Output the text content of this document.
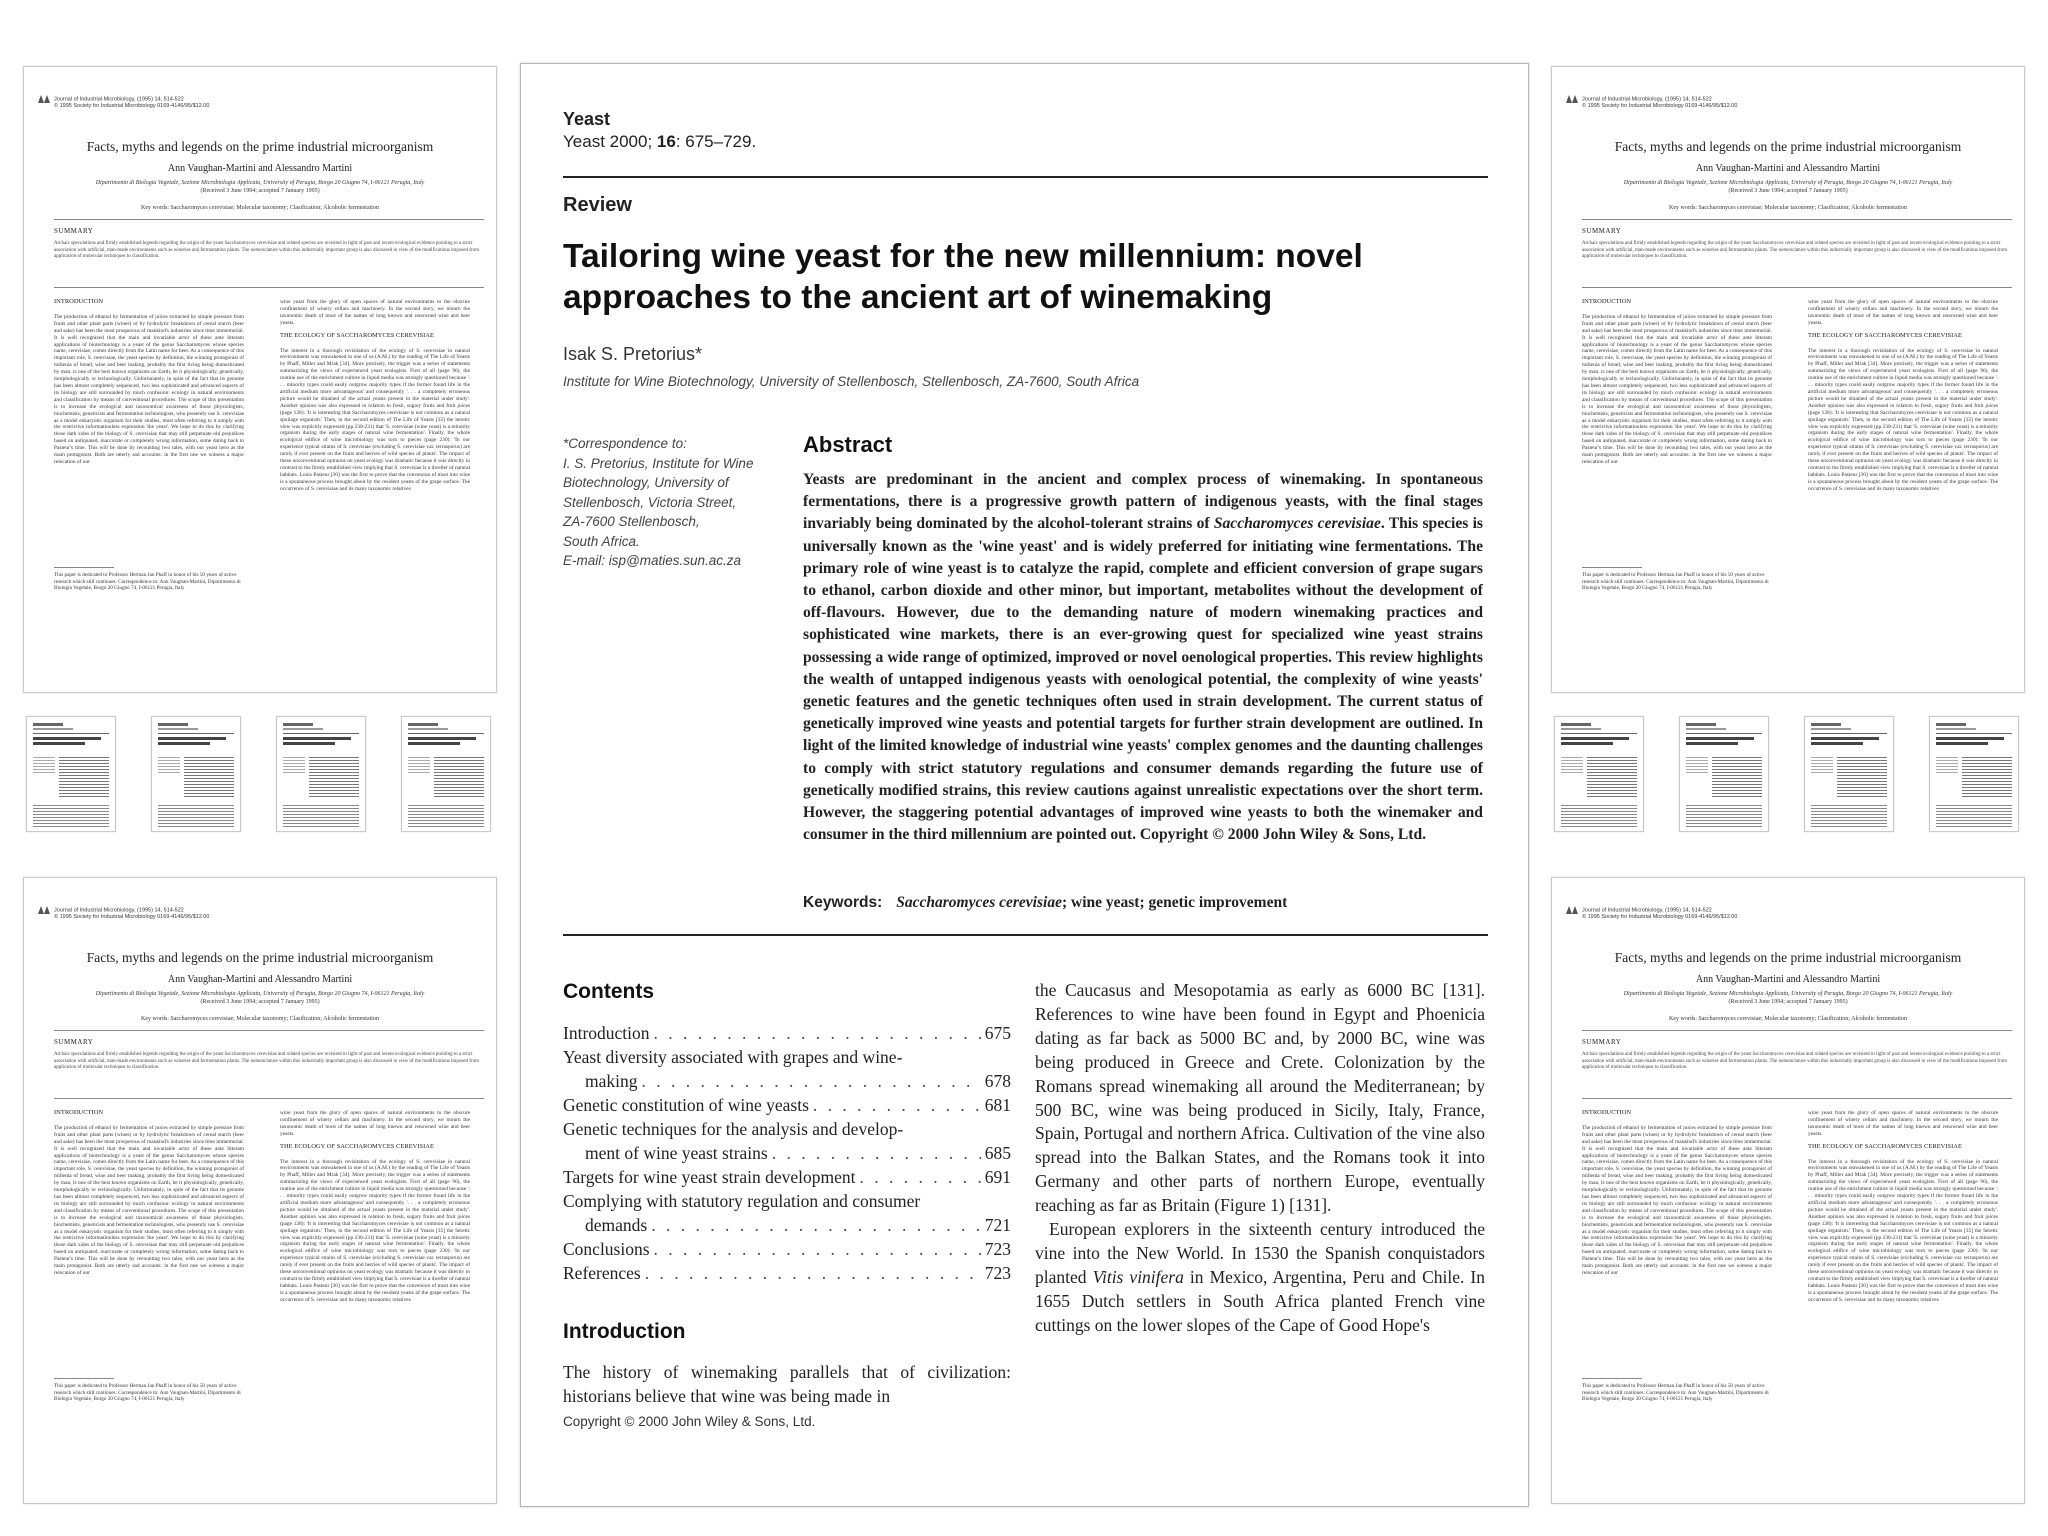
Journal of Industrial Microbiology, (1995) 14, 514-522
© 1995 Society for Industrial Microbiology 0169-4146/95/$12.00
Facts, myths and legends on the prime industrial microorganism
Ann Vaughan-Martini and Alessandro Martini
Dipartimento di Biologia Vegetale, Sezione Microbiologia Applicata, University of Perugia, Borgo 20 Giugno 74, I-06121 Perugia, Italy
(Received 3 June 1994; accepted 7 January 1995)
Key words: Saccharomyces cerevisiae; Molecular taxonomy; Clasification; Alcoholic fermentation
SUMMARY
Archaic speculations and firmly established legends regarding the origin of the yeast Saccharomyces cerevisiae and related species are revisited in light of past and recent ecological evidence pointing to a strict association with artificial, man-made environments such as wineries and fermentation plants. The nomenclature within this industrially important group is also discussed in view of the modifications imposed from application of molecular techniques to classification.
INTRODUCTION
The production of ethanol by fermentation of juices extracted by simple pressure from fruits and other plant parts (wines) or by hydrolytic breakdown of cereal starch (beer and sake) has been the most prosperous of mankind's industries since time immemorial. It is well recognized that the main and invariable actor of these ante litteram applications of biotechnology is a yeast of the genus Saccharomyces whose species name, cerevisiae, comes directly from the Latin name for beer. As a consequence of this important role, S. cerevisiae, the yeast species by definition, the winning protagonist of millenia of bread, wine and beer making, probably the first living being domesticated by man, is one of the best known organisms on Earth, be it physiologically, genetically, morphologically or technologically. Unfortunately, in spite of the fact that its genome has been almost completely sequenced, two less sophisticated and advanced aspects of its biology are still surrounded by much confusion: ecology in natural environments and classification by means of conventional procedures. The scope of this presentation is to increase the ecological and taxonomical awareness of those physiologists, biochemists, geneticists and fermentation technologists, who presently use S. cerevisiae as a model eukaryotic organism for their studies, most often referring to it simply with the restrictive informationless expression 'the yeast'. We hope to do this by clarifying those dark sides of the biology of S. cerevisiae that may still perpetuate old prejudices based on antiquated, inaccurate or completely wrong information, some dating back to Pasteur's time. This will be done by recounting two tales, with our yeast hero as the main protagonist. Both are utterly sad accounts: in the first one we witness a major relocation of our
wine yeast from the glory of open spaces of natural environments to the obscure confinement of winery cellars and machinery. In the second story, we mourn the taxonomic death of most of the names of long known and renowned wine and beer yeasts.
THE ECOLOGY OF SACCHAROMYCES CEREVISIAE
The interest in a thorough revisitation of the ecology of S. cerevisiae in natural environments was reawakened in one of us (A.M.) by the reading of The Life of Yeasts by Phaff, Miller and Mrak [34]. More precisely, the trigger was a series of statements summarizing the views of experienced yeast ecologists. First of all (page 96), the routine use of the enrichment culture in liquid media was strongly questioned because '. . . minority types could easily outgrow majority types if the former found life in the artificial medium more advantageous' and consequently '. . . a completely erroneous picture would be obtained of the actual yeasts present in the material under study'. Another opinion was also expressed in relation to fresh, sugary fruits and fruit juices (page 128): 'It is interesting that Saccharomyces cerevisiae is not common as a natural spoilage organism.' Then, in the second edition of The Life of Yeasts [35] the heretic view was explicitly expressed (pp 230-231) that 'S. cerevisiae (wine yeast) is a minority organism during the early stages of natural wine fermentation'. Finally, the whole ecological edifice of wine microbiology was torn to pieces (page 230): 'In our experience typical strains of S. cerevisiae (excluding S. cerevisiae var. terrasporus) are rarely if ever present on the fruits and berries of wild species of plants'. The impact of these unconventional opinions on yeast ecology was dramatic because it was directly in contrast to the firmly established view implying that S. cerevisiae is a dweller of natural habitats. Louis Pasteur [30] was the first to prove that the conversion of must into wine is a spontaneous process brought about by the resident yeasts of the grape surface. The occurrence of S. cerevisiae and its many taxonomic relatives
This paper is dedicated to Professor Herman Jan Phaff in honor of his 50 years of active research which still continues. Correspondence to: Ann Vaughan-Martini, Dipartimento di Biologia Vegetale, Borgo 20 Giugno 74, I-06121 Perugia, Italy
Journal of Industrial Microbiology, (1995) 14, 514-522
© 1995 Society for Industrial Microbiology 0169-4146/95/$12.00
Facts, myths and legends on the prime industrial microorganism
Ann Vaughan-Martini and Alessandro Martini
Dipartimento di Biologia Vegetale, Sezione Microbiologia Applicata, University of Perugia, Borgo 20 Giugno 74, I-06121 Perugia, Italy
(Received 3 June 1994; accepted 7 January 1995)
Key words: Saccharomyces cerevisiae; Molecular taxonomy; Clasification; Alcoholic fermentation
SUMMARY
Archaic speculations and firmly established legends regarding the origin of the yeast Saccharomyces cerevisiae and related species are revisited in light of past and recent ecological evidence pointing to a strict association with artificial, man-made environments such as wineries and fermentation plants. The nomenclature within this industrially important group is also discussed in view of the modifications imposed from application of molecular techniques to classification.
INTRODUCTION
The production of ethanol by fermentation of juices extracted by simple pressure from fruits and other plant parts (wines) or by hydrolytic breakdown of cereal starch (beer and sake) has been the most prosperous of mankind's industries since time immemorial. It is well recognized that the main and invariable actor of these ante litteram applications of biotechnology is a yeast of the genus Saccharomyces whose species name, cerevisiae, comes directly from the Latin name for beer. As a consequence of this important role, S. cerevisiae, the yeast species by definition, the winning protagonist of millenia of bread, wine and beer making, probably the first living being domesticated by man, is one of the best known organisms on Earth, be it physiologically, genetically, morphologically or technologically. Unfortunately, in spite of the fact that its genome has been almost completely sequenced, two less sophisticated and advanced aspects of its biology are still surrounded by much confusion: ecology in natural environments and classification by means of conventional procedures. The scope of this presentation is to increase the ecological and taxonomical awareness of those physiologists, biochemists, geneticists and fermentation technologists, who presently use S. cerevisiae as a model eukaryotic organism for their studies, most often referring to it simply with the restrictive informationless expression 'the yeast'. We hope to do this by clarifying those dark sides of the biology of S. cerevisiae that may still perpetuate old prejudices based on antiquated, inaccurate or completely wrong information, some dating back to Pasteur's time. This will be done by recounting two tales, with our yeast hero as the main protagonist. Both are utterly sad accounts: in the first one we witness a major relocation of our
wine yeast from the glory of open spaces of natural environments to the obscure confinement of winery cellars and machinery. In the second story, we mourn the taxonomic death of most of the names of long known and renowned wine and beer yeasts.
THE ECOLOGY OF SACCHAROMYCES CEREVISIAE
The interest in a thorough revisitation of the ecology of S. cerevisiae in natural environments was reawakened in one of us (A.M.) by the reading of The Life of Yeasts by Phaff, Miller and Mrak [34]. More precisely, the trigger was a series of statements summarizing the views of experienced yeast ecologists. First of all (page 96), the routine use of the enrichment culture in liquid media was strongly questioned because '. . . minority types could easily outgrow majority types if the former found life in the artificial medium more advantageous' and consequently '. . . a completely erroneous picture would be obtained of the actual yeasts present in the material under study'. Another opinion was also expressed in relation to fresh, sugary fruits and fruit juices (page 128): 'It is interesting that Saccharomyces cerevisiae is not common as a natural spoilage organism.' Then, in the second edition of The Life of Yeasts [35] the heretic view was explicitly expressed (pp 230-231) that 'S. cerevisiae (wine yeast) is a minority organism during the early stages of natural wine fermentation'. Finally, the whole ecological edifice of wine microbiology was torn to pieces (page 230): 'In our experience typical strains of S. cerevisiae (excluding S. cerevisiae var. terrasporus) are rarely if ever present on the fruits and berries of wild species of plants'. The impact of these unconventional opinions on yeast ecology was dramatic because it was directly in contrast to the firmly established view implying that S. cerevisiae is a dweller of natural habitats. Louis Pasteur [30] was the first to prove that the conversion of must into wine is a spontaneous process brought about by the resident yeasts of the grape surface. The occurrence of S. cerevisiae and its many taxonomic relatives
This paper is dedicated to Professor Herman Jan Phaff in honor of his 50 years of active research which still continues. Correspondence to: Ann Vaughan-Martini, Dipartimento di Biologia Vegetale, Borgo 20 Giugno 74, I-06121 Perugia, Italy
Journal of Industrial Microbiology, (1995) 14, 514-522
© 1995 Society for Industrial Microbiology 0169-4146/95/$12.00
Facts, myths and legends on the prime industrial microorganism
Ann Vaughan-Martini and Alessandro Martini
Dipartimento di Biologia Vegetale, Sezione Microbiologia Applicata, University of Perugia, Borgo 20 Giugno 74, I-06121 Perugia, Italy
(Received 3 June 1994; accepted 7 January 1995)
Key words: Saccharomyces cerevisiae; Molecular taxonomy; Clasification; Alcoholic fermentation
SUMMARY
Archaic speculations and firmly established legends regarding the origin of the yeast Saccharomyces cerevisiae and related species are revisited in light of past and recent ecological evidence pointing to a strict association with artificial, man-made environments such as wineries and fermentation plants. The nomenclature within this industrially important group is also discussed in view of the modifications imposed from application of molecular techniques to classification.
INTRODUCTION
The production of ethanol by fermentation of juices extracted by simple pressure from fruits and other plant parts (wines) or by hydrolytic breakdown of cereal starch (beer and sake) has been the most prosperous of mankind's industries since time immemorial. It is well recognized that the main and invariable actor of these ante litteram applications of biotechnology is a yeast of the genus Saccharomyces whose species name, cerevisiae, comes directly from the Latin name for beer. As a consequence of this important role, S. cerevisiae, the yeast species by definition, the winning protagonist of millenia of bread, wine and beer making, probably the first living being domesticated by man, is one of the best known organisms on Earth, be it physiologically, genetically, morphologically or technologically. Unfortunately, in spite of the fact that its genome has been almost completely sequenced, two less sophisticated and advanced aspects of its biology are still surrounded by much confusion: ecology in natural environments and classification by means of conventional procedures. The scope of this presentation is to increase the ecological and taxonomical awareness of those physiologists, biochemists, geneticists and fermentation technologists, who presently use S. cerevisiae as a model eukaryotic organism for their studies, most often referring to it simply with the restrictive informationless expression 'the yeast'. We hope to do this by clarifying those dark sides of the biology of S. cerevisiae that may still perpetuate old prejudices based on antiquated, inaccurate or completely wrong information, some dating back to Pasteur's time. This will be done by recounting two tales, with our yeast hero as the main protagonist. Both are utterly sad accounts: in the first one we witness a major relocation of our
wine yeast from the glory of open spaces of natural environments to the obscure confinement of winery cellars and machinery. In the second story, we mourn the taxonomic death of most of the names of long known and renowned wine and beer yeasts.
THE ECOLOGY OF SACCHAROMYCES CEREVISIAE
The interest in a thorough revisitation of the ecology of S. cerevisiae in natural environments was reawakened in one of us (A.M.) by the reading of The Life of Yeasts by Phaff, Miller and Mrak [34]. More precisely, the trigger was a series of statements summarizing the views of experienced yeast ecologists. First of all (page 96), the routine use of the enrichment culture in liquid media was strongly questioned because '. . . minority types could easily outgrow majority types if the former found life in the artificial medium more advantageous' and consequently '. . . a completely erroneous picture would be obtained of the actual yeasts present in the material under study'. Another opinion was also expressed in relation to fresh, sugary fruits and fruit juices (page 128): 'It is interesting that Saccharomyces cerevisiae is not common as a natural spoilage organism.' Then, in the second edition of The Life of Yeasts [35] the heretic view was explicitly expressed (pp 230-231) that 'S. cerevisiae (wine yeast) is a minority organism during the early stages of natural wine fermentation'. Finally, the whole ecological edifice of wine microbiology was torn to pieces (page 230): 'In our experience typical strains of S. cerevisiae (excluding S. cerevisiae var. terrasporus) are rarely if ever present on the fruits and berries of wild species of plants'. The impact of these unconventional opinions on yeast ecology was dramatic because it was directly in contrast to the firmly established view implying that S. cerevisiae is a dweller of natural habitats. Louis Pasteur [30] was the first to prove that the conversion of must into wine is a spontaneous process brought about by the resident yeasts of the grape surface. The occurrence of S. cerevisiae and its many taxonomic relatives
This paper is dedicated to Professor Herman Jan Phaff in honor of his 50 years of active research which still continues. Correspondence to: Ann Vaughan-Martini, Dipartimento di Biologia Vegetale, Borgo 20 Giugno 74, I-06121 Perugia, Italy
Journal of Industrial Microbiology, (1995) 14, 514-522
© 1995 Society for Industrial Microbiology 0169-4146/95/$12.00
Facts, myths and legends on the prime industrial microorganism
Ann Vaughan-Martini and Alessandro Martini
Dipartimento di Biologia Vegetale, Sezione Microbiologia Applicata, University of Perugia, Borgo 20 Giugno 74, I-06121 Perugia, Italy
(Received 3 June 1994; accepted 7 January 1995)
Key words: Saccharomyces cerevisiae; Molecular taxonomy; Clasification; Alcoholic fermentation
SUMMARY
Archaic speculations and firmly established legends regarding the origin of the yeast Saccharomyces cerevisiae and related species are revisited in light of past and recent ecological evidence pointing to a strict association with artificial, man-made environments such as wineries and fermentation plants. The nomenclature within this industrially important group is also discussed in view of the modifications imposed from application of molecular techniques to classification.
INTRODUCTION
The production of ethanol by fermentation of juices extracted by simple pressure from fruits and other plant parts (wines) or by hydrolytic breakdown of cereal starch (beer and sake) has been the most prosperous of mankind's industries since time immemorial. It is well recognized that the main and invariable actor of these ante litteram applications of biotechnology is a yeast of the genus Saccharomyces whose species name, cerevisiae, comes directly from the Latin name for beer. As a consequence of this important role, S. cerevisiae, the yeast species by definition, the winning protagonist of millenia of bread, wine and beer making, probably the first living being domesticated by man, is one of the best known organisms on Earth, be it physiologically, genetically, morphologically or technologically. Unfortunately, in spite of the fact that its genome has been almost completely sequenced, two less sophisticated and advanced aspects of its biology are still surrounded by much confusion: ecology in natural environments and classification by means of conventional procedures. The scope of this presentation is to increase the ecological and taxonomical awareness of those physiologists, biochemists, geneticists and fermentation technologists, who presently use S. cerevisiae as a model eukaryotic organism for their studies, most often referring to it simply with the restrictive informationless expression 'the yeast'. We hope to do this by clarifying those dark sides of the biology of S. cerevisiae that may still perpetuate old prejudices based on antiquated, inaccurate or completely wrong information, some dating back to Pasteur's time. This will be done by recounting two tales, with our yeast hero as the main protagonist. Both are utterly sad accounts: in the first one we witness a major relocation of our
wine yeast from the glory of open spaces of natural environments to the obscure confinement of winery cellars and machinery. In the second story, we mourn the taxonomic death of most of the names of long known and renowned wine and beer yeasts.
THE ECOLOGY OF SACCHAROMYCES CEREVISIAE
The interest in a thorough revisitation of the ecology of S. cerevisiae in natural environments was reawakened in one of us (A.M.) by the reading of The Life of Yeasts by Phaff, Miller and Mrak [34]. More precisely, the trigger was a series of statements summarizing the views of experienced yeast ecologists. First of all (page 96), the routine use of the enrichment culture in liquid media was strongly questioned because '. . . minority types could easily outgrow majority types if the former found life in the artificial medium more advantageous' and consequently '. . . a completely erroneous picture would be obtained of the actual yeasts present in the material under study'. Another opinion was also expressed in relation to fresh, sugary fruits and fruit juices (page 128): 'It is interesting that Saccharomyces cerevisiae is not common as a natural spoilage organism.' Then, in the second edition of The Life of Yeasts [35] the heretic view was explicitly expressed (pp 230-231) that 'S. cerevisiae (wine yeast) is a minority organism during the early stages of natural wine fermentation'. Finally, the whole ecological edifice of wine microbiology was torn to pieces (page 230): 'In our experience typical strains of S. cerevisiae (excluding S. cerevisiae var. terrasporus) are rarely if ever present on the fruits and berries of wild species of plants'. The impact of these unconventional opinions on yeast ecology was dramatic because it was directly in contrast to the firmly established view implying that S. cerevisiae is a dweller of natural habitats. Louis Pasteur [30] was the first to prove that the conversion of must into wine is a spontaneous process brought about by the resident yeasts of the grape surface. The occurrence of S. cerevisiae and its many taxonomic relatives
This paper is dedicated to Professor Herman Jan Phaff in honor of his 50 years of active research which still continues. Correspondence to: Ann Vaughan-Martini, Dipartimento di Biologia Vegetale, Borgo 20 Giugno 74, I-06121 Perugia, Italy
Yeast
Yeast 2000; 16: 675–729.
Review
Tailoring wine yeast for the new millennium: novel approaches to the ancient art of winemaking
Isak S. Pretorius*
Institute for Wine Biotechnology, University of Stellenbosch, Stellenbosch, ZA-7600, South Africa
*Correspondence to:
I. S. Pretorius, Institute for Wine
Biotechnology, University of
Stellenbosch, Victoria Street,
ZA-7600 Stellenbosch,
South Africa.
E-mail: isp@maties.sun.ac.za
Abstract
Yeasts are predominant in the ancient and complex process of winemaking. In spontaneous fermentations, there is a progressive growth pattern of indigenous yeasts, with the final stages invariably being dominated by the alcohol-tolerant strains of Saccharomyces cerevisiae. This species is universally known as the 'wine yeast' and is widely preferred for initiating wine fermentations. The primary role of wine yeast is to catalyze the rapid, complete and efficient conversion of grape sugars to ethanol, carbon dioxide and other minor, but important, metabolites without the development of off-flavours. However, due to the demanding nature of modern winemaking practices and sophisticated wine markets, there is an ever-growing quest for specialized wine yeast strains possessing a wide range of optimized, improved or novel oenological properties. This review highlights the wealth of untapped indigenous yeasts with oenological potential, the complexity of wine yeasts' genetic features and the genetic techniques often used in strain development. The current status of genetically improved wine yeasts and potential targets for further strain development are outlined. In light of the limited knowledge of industrial wine yeasts' complex genomes and the daunting challenges to comply with strict statutory regulations and consumer demands regarding the future use of genetically modified strains, this review cautions against unrealistic expectations over the short term. However, the staggering potential advantages of improved wine yeasts to both the winemaker and consumer in the third millennium are pointed out. Copyright © 2000 John Wiley & Sons, Ltd.
Keywords: Saccharomyces cerevisiae; wine yeast; genetic improvement
Contents
Introduction . . .	675
Yeast diversity associated with grapes and wine-
making . . .	678
Genetic constitution of wine yeasts . . .	681
Genetic techniques for the analysis and develop-
ment of wine yeast strains . . .	685
Targets for wine yeast strain development . . .	691
Complying with statutory regulation and consumer
demands . . .	721
Conclusions . . .	723
References . . .	723
Introduction
The history of winemaking parallels that of civilization: historians believe that wine was being made in

the Caucasus and Mesopotamia as early as 6000 BC [131]. References to wine have been found in Egypt and Phoenicia dating as far back as 5000 BC and, by 2000 BC, wine was being produced in Greece and Crete. Colonization by the Romans spread winemaking all around the Mediterranean; by 500 BC, wine was being produced in Sicily, Italy, France, Spain, Portugal and northern Africa. Cultivation of the vine also spread into the Balkan States, and the Romans took it into Germany and other parts of northern Europe, eventually reaching as far as Britain (Figure 1) [131].

European explorers in the sixteenth century introduced the vine into the New World. In 1530 the Spanish conquistadors planted Vitis vinifera in Mexico, Argentina, Peru and Chile. In 1655 Dutch settlers in South Africa planted French vine cuttings on the lower slopes of the Cape of Good Hope's

Copyright © 2000 John Wiley & Sons, Ltd.
